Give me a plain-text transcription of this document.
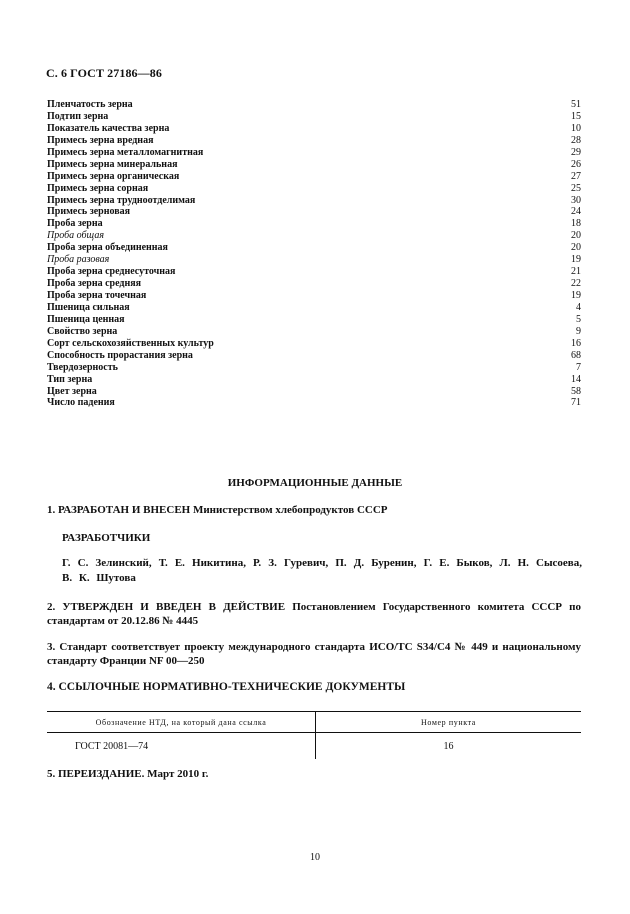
С. 6 ГОСТ 27186—86
Пленчатость зерна	51
Подтип зерна	15
Показатель качества зерна	10
Примесь зерна вредная	28
Примесь зерна металломагнитная	29
Примесь зерна минеральная	26
Примесь зерна органическая	27
Примесь зерна сорная	25
Примесь зерна трудноотделимая	30
Примесь зерновая	24
Проба зерна	18
Проба общая	20
Проба зерна объединенная	20
Проба разовая	19
Проба зерна среднесуточная	21
Проба зерна средняя	22
Проба зерна точечная	19
Пшеница сильная	4
Пшеница ценная	5
Свойство зерна	9
Сорт сельскохозяйственных культур	16
Способность прорастания зерна	68
Твердозерность	7
Тип зерна	14
Цвет зерна	58
Число падения	71
ИНФОРМАЦИОННЫЕ ДАННЫЕ
1. РАЗРАБОТАН И ВНЕСЕН Министерством хлебопродуктов СССР
РАЗРАБОТЧИКИ
Г. С. Зелинский, Т. Е. Никитина, Р. З. Гуревич, П. Д. Буренин, Г. Е. Быков, Л. Н. Сысоева, В. К. Шутова
2. УТВЕРЖДЕН И ВВЕДЕН В ДЕЙСТВИЕ Постановлением Государственного комитета СССР по стандартам от 20.12.86 № 4445
3. Стандарт соответствует проекту международного стандарта ИСО/ТС S34/C4 № 449 и национальному стандарту Франции NF 00—250
4. ССЫЛОЧНЫЕ НОРМАТИВНО-ТЕХНИЧЕСКИЕ ДОКУМЕНТЫ
Обозначение НТД, на который дана ссылка	Номер пункта
ГОСТ 20081—74	16
5. ПЕРЕИЗДАНИЕ. Март 2010 г.
10
